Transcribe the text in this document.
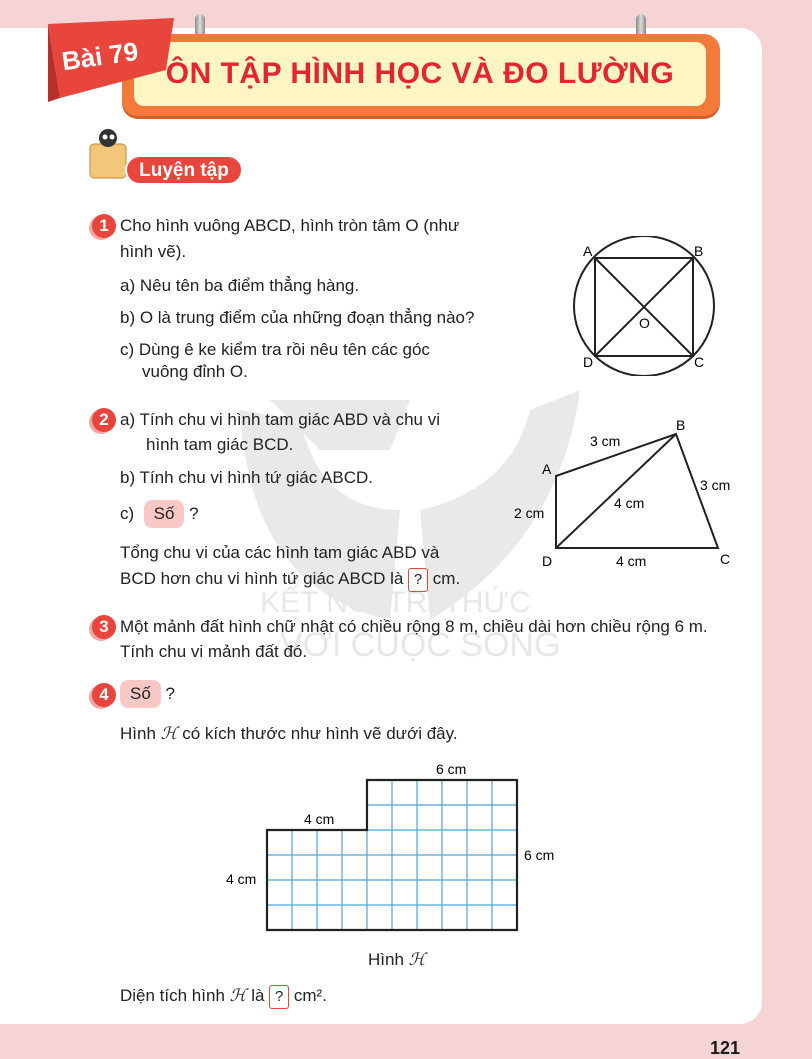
KẾT NỐI TRI THỨC
VỚI CUỘC SỐNG
ÔN TẬP HÌNH HỌC VÀ ĐO LƯỜNG
Bài 79
Luyện tập
1 Cho hình vuông ABCD, hình tròn tâm O (như
hình vẽ).
a) Nêu tên ba điểm thẳng hàng.
b) O là trung điểm của những đoạn thẳng nào?
c) Dùng ê ke kiểm tra rồi nêu tên các góc
vuông đỉnh O.
A	B
C
D
O
2 a) Tính chu vi hình tam giác ABD và chu vi
hình tam giác BCD.
b) Tính chu vi hình tứ giác ABCD.
c) Số ?
Tổng chu vi của các hình tam giác ABD và
BCD hơn chu vi hình tứ giác ABCD là ? cm.
A
B
C
D
3 cm
3 cm
4 cm
2 cm
4 cm
3 Một mảnh đất hình chữ nhật có chiều rộng 8 m, chiều dài hơn chiều rộng 6 m.
Tính chu vi mảnh đất đó.
4	Số ?
Hình ℋ có kích thước như hình vẽ dưới đây.
6 cm
4 cm
6 cm
4 cm
Hình ℋ
Diện tích hình ℋ là ? cm².
121
